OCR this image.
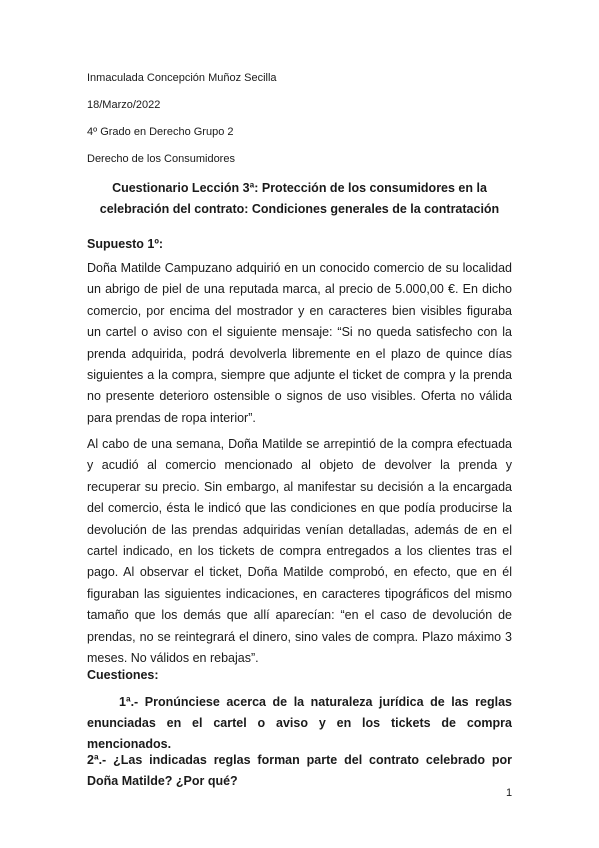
Inmaculada Concepción Muñoz Secilla
18/Marzo/2022
4º Grado en Derecho Grupo 2
Derecho de los Consumidores
Cuestionario Lección 3ª: Protección de los consumidores en la
celebración del contrato: Condiciones generales de la contratación
Supuesto 1º:

Doña Matilde Campuzano adquirió en un conocido comercio de su localidad un abrigo de piel de una reputada marca, al precio de 5.000,00 €. En dicho comercio, por encima del mostrador y en caracteres bien visibles figuraba un cartel o aviso con el siguiente mensaje: “Si no queda satisfecho con la prenda adquirida, podrá devolverla libremente en el plazo de quince días siguientes a la compra, siempre que adjunte el ticket de compra y la prenda no presente deterioro ostensible o signos de uso visibles. Oferta no válida para prendas de ropa interior”.

Al cabo de una semana, Doña Matilde se arrepintió de la compra efectuada y acudió al comercio mencionado al objeto de devolver la prenda y recuperar su precio. Sin embargo, al manifestar su decisión a la encargada del comercio, ésta le indicó que las condiciones en que podía producirse la devolución de las prendas adquiridas venían detalladas, además de en el cartel indicado, en los tickets de compra entregados a los clientes tras el pago. Al observar el ticket, Doña Matilde comprobó, en efecto, que en él figuraban las siguientes indicaciones, en caracteres tipográficos del mismo tamaño que los demás que allí aparecían: “en el caso de devolución de prendas, no se reintegrará el dinero, sino vales de compra. Plazo máximo 3 meses. No válidos en rebajas”.

Cuestiones:

1ª.- Pronúnciese acerca de la naturaleza jurídica de las reglas enunciadas en el cartel o aviso y en los tickets de compra mencionados.

2ª.- ¿Las indicadas reglas forman parte del contrato celebrado por Doña Matilde? ¿Por qué?

1
